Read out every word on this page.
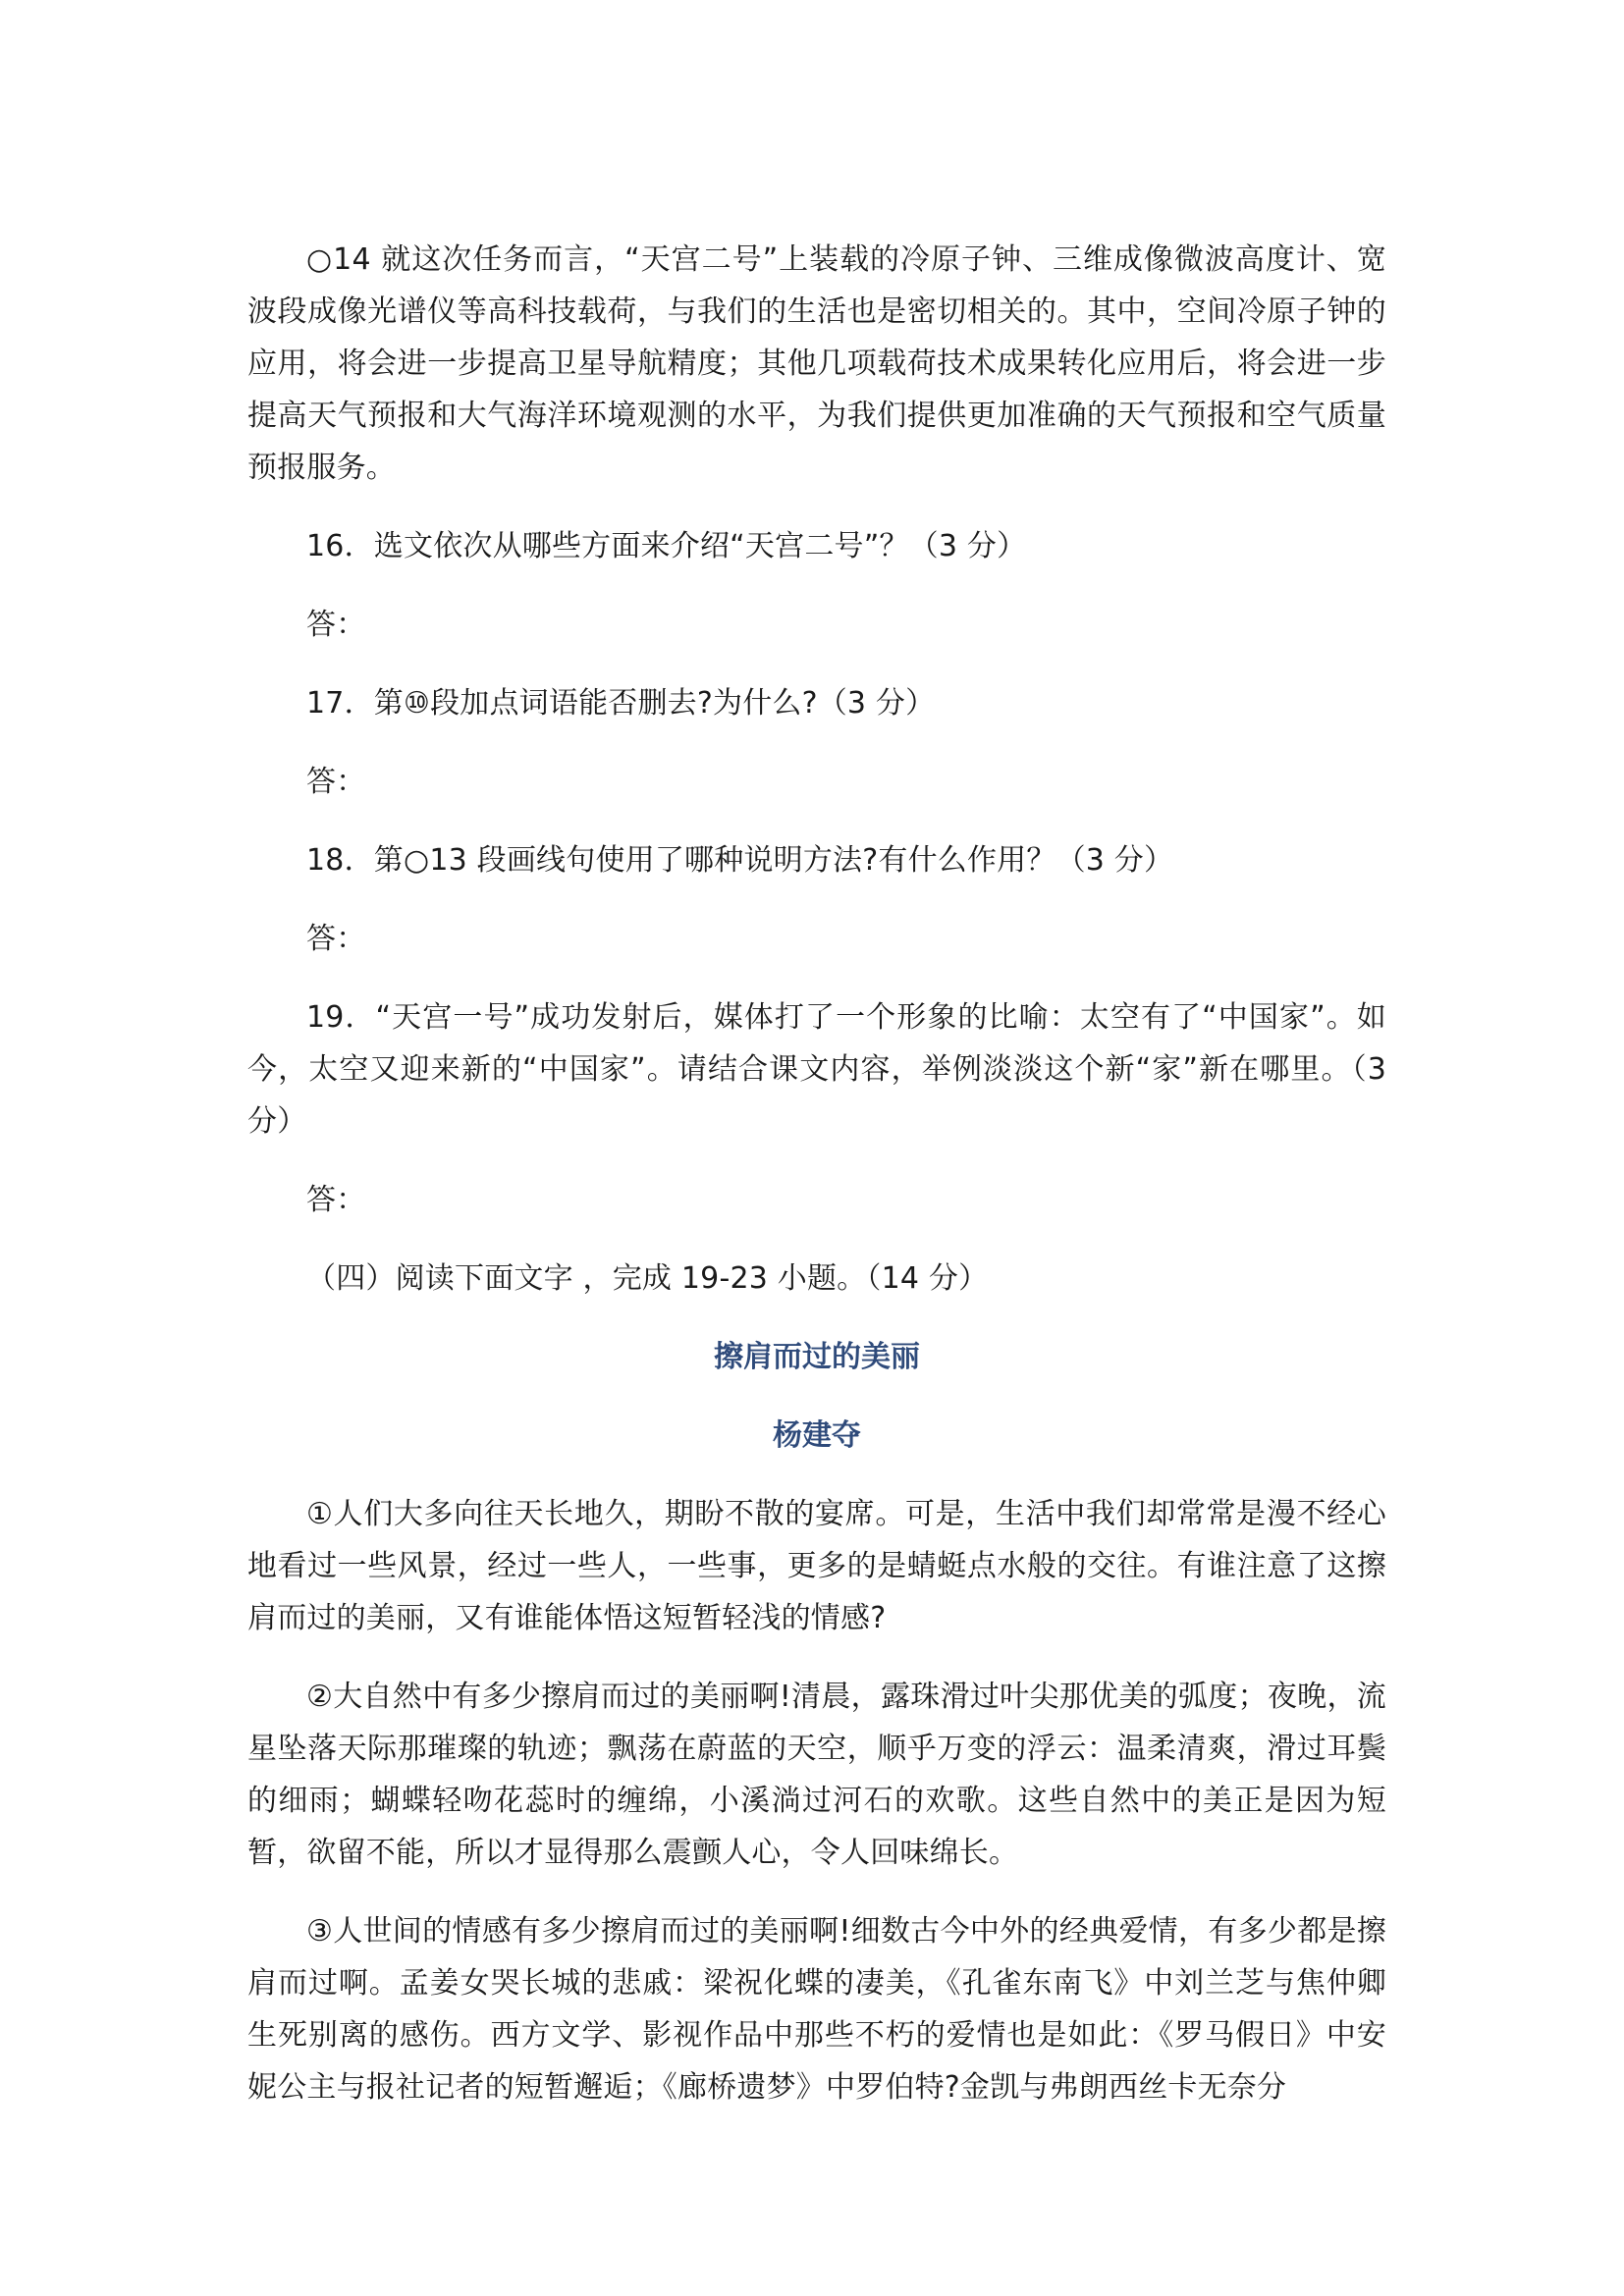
○14 就这次任务而言，“天宫二号”上装载的冷原子钟、三维成像微波高度计、宽波段成像光谱仪等高科技载荷，与我们的生活也是密切相关的。其中，空间冷原子钟的应用，将会进一步提高卫星导航精度；其他几项载荷技术成果转化应用后，将会进一步提高天气预报和大气海洋环境观测的水平，为我们提供更加准确的天气预报和空气质量预报服务。

16．选文依次从哪些方面来介绍“天宫二号”？（3 分）

答：

17．第⑩段加点词语能否删去?为什么?（3 分）

答：

18．第○13 段画线句使用了哪种说明方法?有什么作用？（3 分）

答：

19．“天宫一号”成功发射后，媒体打了一个形象的比喻：太空有了“中国家”。如今，太空又迎来新的“中国家”。请结合课文内容，举例淡淡这个新“家”新在哪里。（3 分）

答：

（四）阅读下面文字 ，完成 19-23 小题。（14 分）

擦肩而过的美丽
杨建夺

①人们大多向往天长地久，期盼不散的宴席。可是，生活中我们却常常是漫不经心地看过一些风景，经过一些人，一些事，更多的是蜻蜓点水般的交往。有谁注意了这擦肩而过的美丽，又有谁能体悟这短暂轻浅的情感?

②大自然中有多少擦肩而过的美丽啊!清晨，露珠滑过叶尖那优美的弧度；夜晚，流星坠落天际那璀璨的轨迹；飘荡在蔚蓝的天空，顺乎万变的浮云：温柔清爽，滑过耳鬓的细雨；蝴蝶轻吻花蕊时的缠绵，小溪淌过河石的欢歌。这些自然中的美正是因为短暂，欲留不能，所以才显得那么震颤人心，令人回味绵长。

③人世间的情感有多少擦肩而过的美丽啊!细数古今中外的经典爱情，有多少都是擦肩而过啊。孟姜女哭长城的悲戚：梁祝化蝶的凄美，《孔雀东南飞》中刘兰芝与焦仲卿生死别离的感伤。西方文学、影视作品中那些不朽的爱情也是如此：《罗马假日》中安妮公主与报社记者的短暂邂逅；《廊桥遗梦》中罗伯特?金凯与弗朗西丝卡无奈分
